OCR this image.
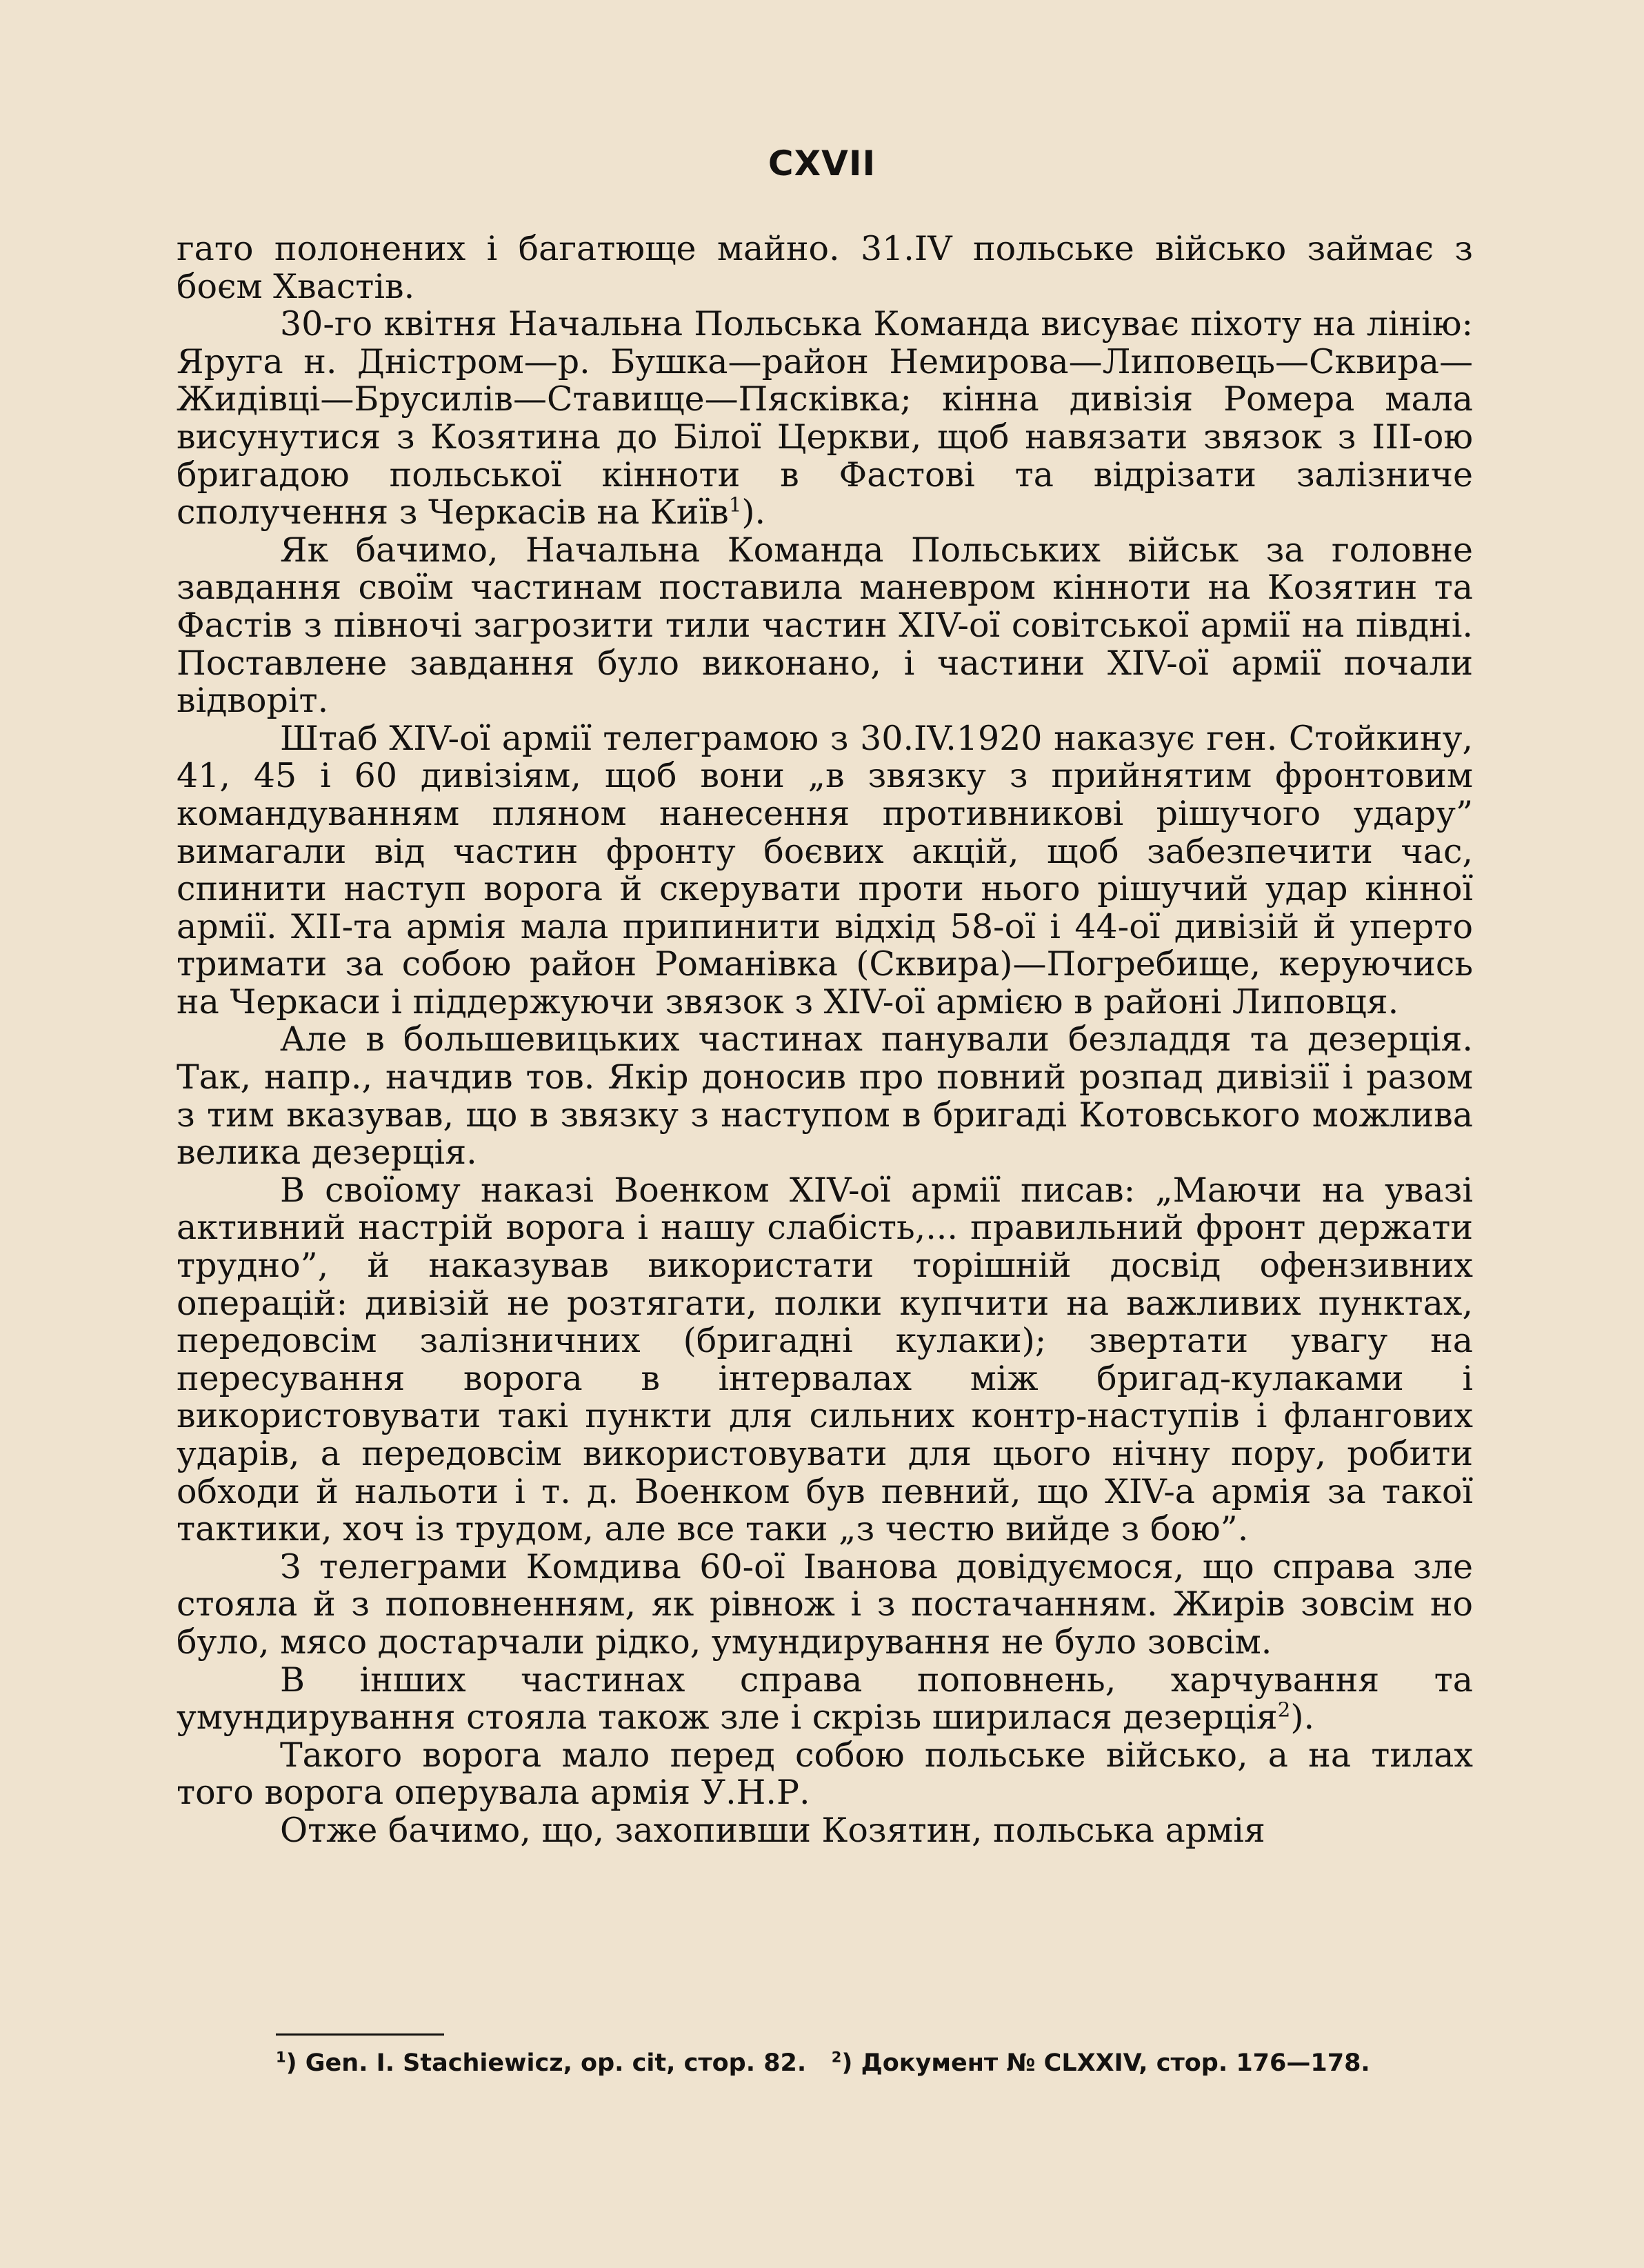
CXVII

гато полонених і багатюще майно. 31.IV польське військо займає з боєм Хвастів.

30-го квітня Начальна Польська Команда висуває піхоту на лінію: Яруга н. Дністром—р. Бушка—район Немирова—Липовець—Сквира—Жидівці—Брусилів—Ставище—Пясківка; кінна дивізія Ромера мала висунутися з Козятина до Білої Церкви, щоб навязати звязок з III-ою бригадою польської кінноти в Фастові та відрізати залізниче сполучення з Черкасів на Київ$^1$).

Як бачимо, Начальна Команда Польських військ за головне завдання своїм частинам поставила маневром кінноти на Козятин та Фастів з півночі загрозити тили частин XIV-ої совітської армії на півдні. Поставлене завдання було виконано, і частини XIV-ої армії почали відворіт.

Штаб XIV-ої армії телеграмою з 30.IV.1920 наказує ген. Стойкину, 41, 45 і 60 дивізіям, щоб вони „в звязку з прийнятим фронтовим командуванням пляном нанесення противникові рішучого удару” вимагали від частин фронту боєвих акцій, щоб забезпечити час, спинити наступ ворога й скерувати проти нього рішучий удар кінної армії. XII-та армія мала припинити відхід 58-ої і 44-ої дивізій й уперто тримати за собою район Романівка (Сквира)—Погребище, керуючись на Черкаси і піддержуючи звязок з XIV-ої армією в районі Липовця.

Але в большевицьких частинах панували безладдя та дезерція. Так, напр., начдив тов. Якір доносив про повний розпад дивізії і разом з тим вказував, що в звязку з наступом в бригаді Котовського можлива велика дезерція.

В своїому наказі Военком XIV-ої армії писав: „Маючи на увазі активний настрій ворога і нашу слабість,... правильний фронт держати трудно”, й наказував використати торішній досвід офензивних операцій: дивізій не розтягати, полки купчити на важливих пунктах, передовсім залізничних (бригадні кулаки); звертати увагу на пересування ворога в інтервалах між бригад-кулаками і використовувати такі пункти для сильних контр-наступів і флангових ударів, а передовсім використовувати для цього нічну пору, робити обходи й нальоти і т. д. Военком був певний, що XIV-а армія за такої тактики, хоч із трудом, але все таки „з честю вийде з бою”.

З телеграми Комдива 60-ої Іванова довідуємося, що справа зле стояла й з поповненням, як рівнож і з постачанням. Жирів зовсім но було, мясо достарчали рідко, умундирування не було зовсім.

В інших частинах справа поповнень, харчування та умундирування стояла також зле і скрізь ширилася дезерція$^2$).

Такого ворога мало перед собою польське військо, а на тилах того ворога оперувала армія У.Н.Р.

Отже бачимо, що, захопивши Козятин, польська армія

$^1$) Gen. I. Stachiewicz, op. cit, стор. 82. $^2$) Документ № CLXXIV, стор. 176—178.
